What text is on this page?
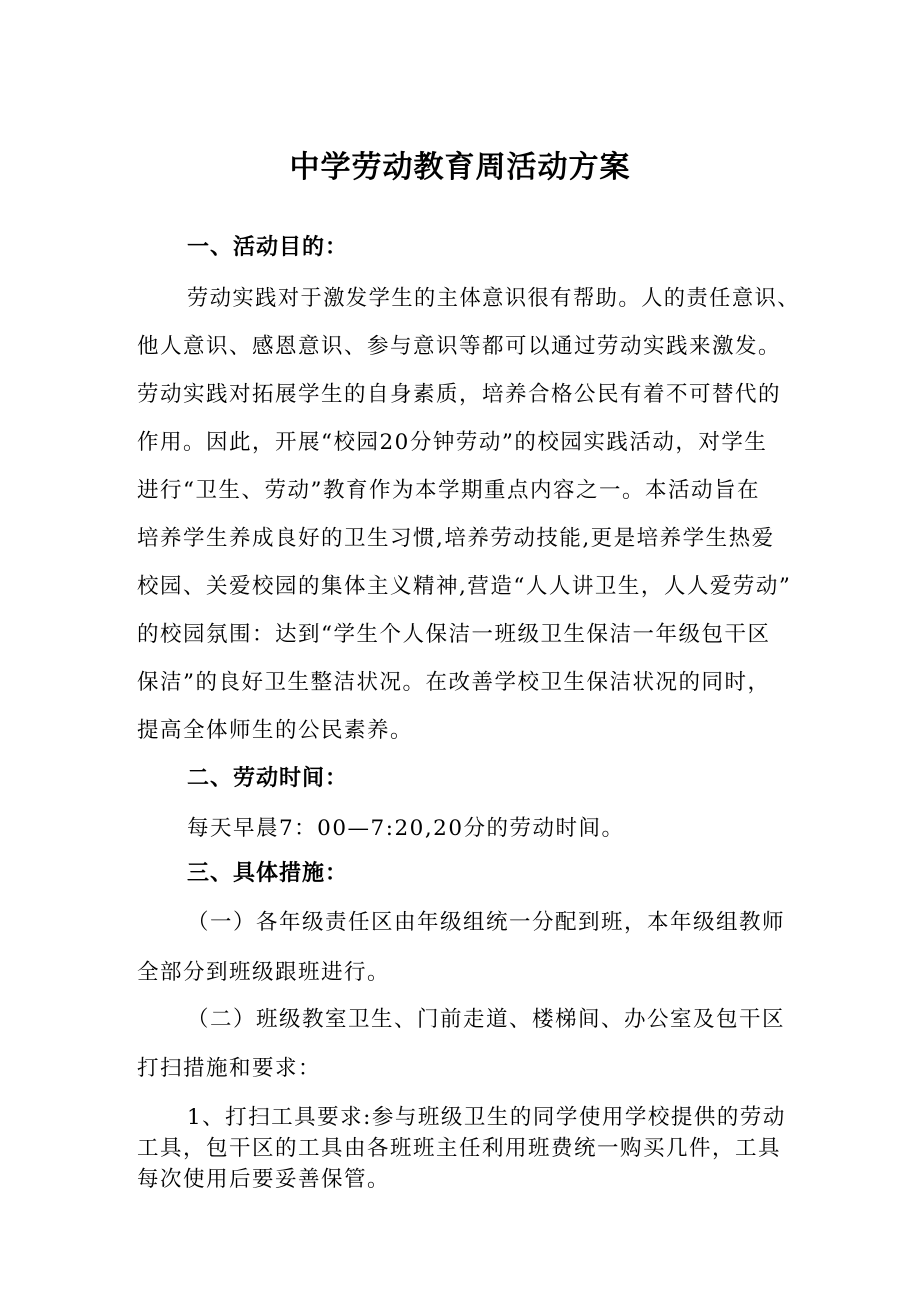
中学劳动教育周活动方案
一、活动目的：
劳动实践对于激发学生的主体意识很有帮助。人的责任意识、
他人意识、感恩意识、参与意识等都可以通过劳动实践来激发。
劳动实践对拓展学生的自身素质，培养合格公民有着不可替代的
作用。因此，开展“校园20分钟劳动”的校园实践活动，对学生
进行“卫生、劳动”教育作为本学期重点内容之一。本活动旨在
培养学生养成良好的卫生习惯,培养劳动技能,更是培养学生热爱
校园、关爱校园的集体主义精神,营造“人人讲卫生，人人爱劳动”
的校园氛围：达到“学生个人保洁一班级卫生保洁一年级包干区
保洁”的良好卫生整洁状况。在改善学校卫生保洁状况的同时，
提高全体师生的公民素养。
二、劳动时间：
每天早晨7：00—7:20,20分的劳动时间。
三、具体措施：
（一）各年级责任区由年级组统一分配到班，本年级组教师
全部分到班级跟班进行。
（二）班级教室卫生、门前走道、楼梯间、办公室及包干区
打扫措施和要求：
1、打扫工具要求:参与班级卫生的同学使用学校提供的劳动
工具，包干区的工具由各班班主任利用班费统一购买几件，工具
每次使用后要妥善保管。
